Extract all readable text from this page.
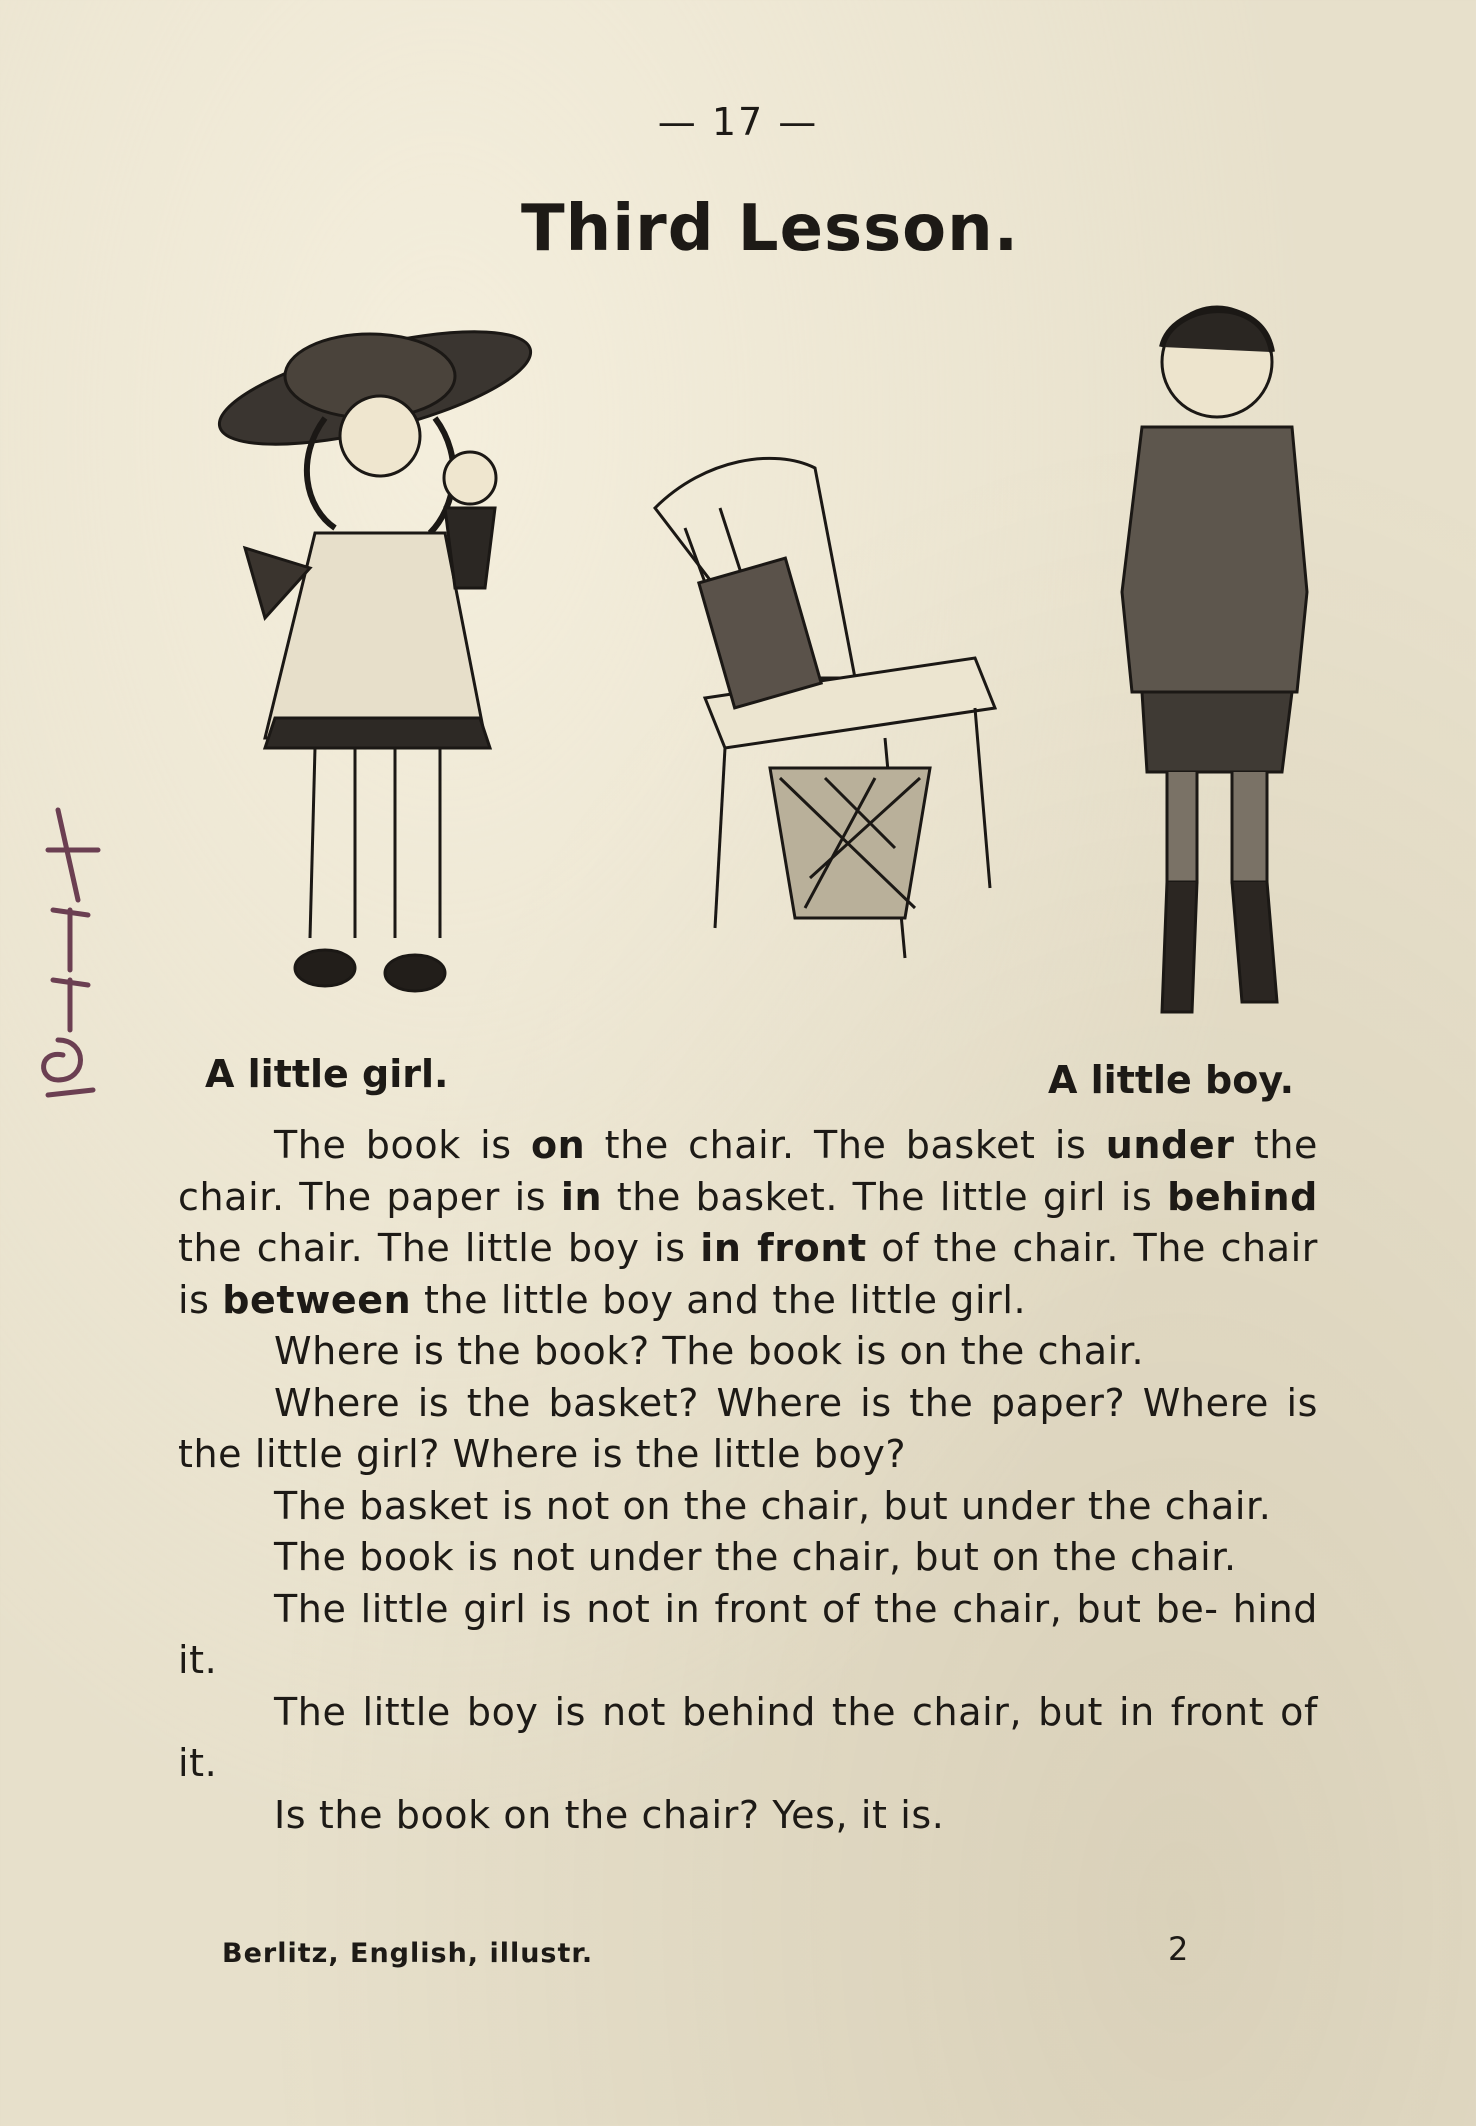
— 17 —
Third Lesson.
A little girl.	A little boy.

The book is on the chair. The basket is under the chair. The paper is in the basket. The little girl is behind the chair. The little boy is in front of the chair. The chair is between the little boy and the little girl.

Where is the book? The book is on the chair.

Where is the basket? Where is the paper? Where is the little girl? Where is the little boy?

The basket is not on the chair, but under the chair.

The book is not under the chair, but on the chair.

The little girl is not in front of the chair, but be- hind it.

The little boy is not behind the chair, but in front of it.

Is the book on the chair? Yes, it is.

Berlitz, English, illustr.	2
